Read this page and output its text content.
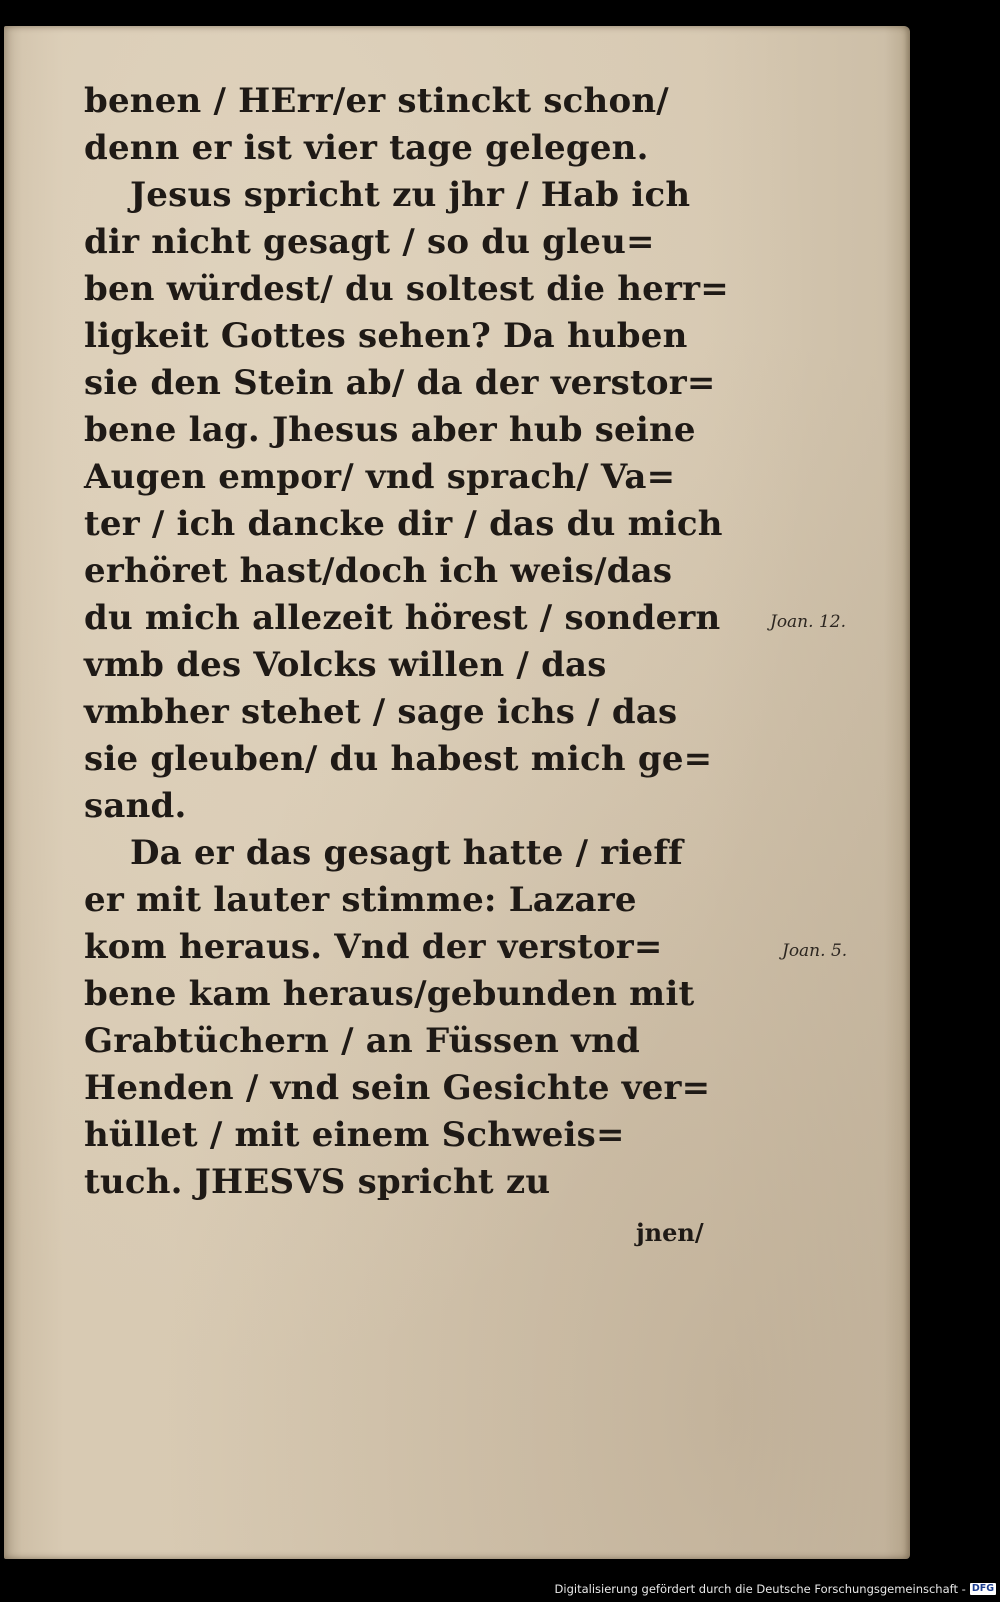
benen / HErr/er stinckt schon/
denn er ist vier tage gelegen.
Jesus spricht zu jhr / Hab ich
dir nicht gesagt / so du gleu=
ben würdest/ du soltest die herr=
ligkeit Gottes sehen? Da huben
sie den Stein ab/ da der verstor=
bene lag. Jhesus aber hub seine
Augen empor/ vnd sprach/ Va=
ter / ich dancke dir / das du mich
erhöret hast/doch ich weis/das
du mich allezeit hörest / sondern
vmb des Volcks willen / das
vmbher stehet / sage ichs / das
sie gleuben/ du habest mich ge=
sand.
Da er das gesagt hatte / rieff
er mit lauter stimme: Lazare
kom heraus. Vnd der verstor=
bene kam heraus/gebunden mit
Grabtüchern / an Füssen vnd
Henden / vnd sein Gesichte ver=
hüllet / mit einem Schweis=
tuch. JHESVS spricht zu
jnen/
Joan. 12.
Joan. 5.
Digitalisierung gefördert durch die Deutsche Forschungsgemeinschaft - DFG
